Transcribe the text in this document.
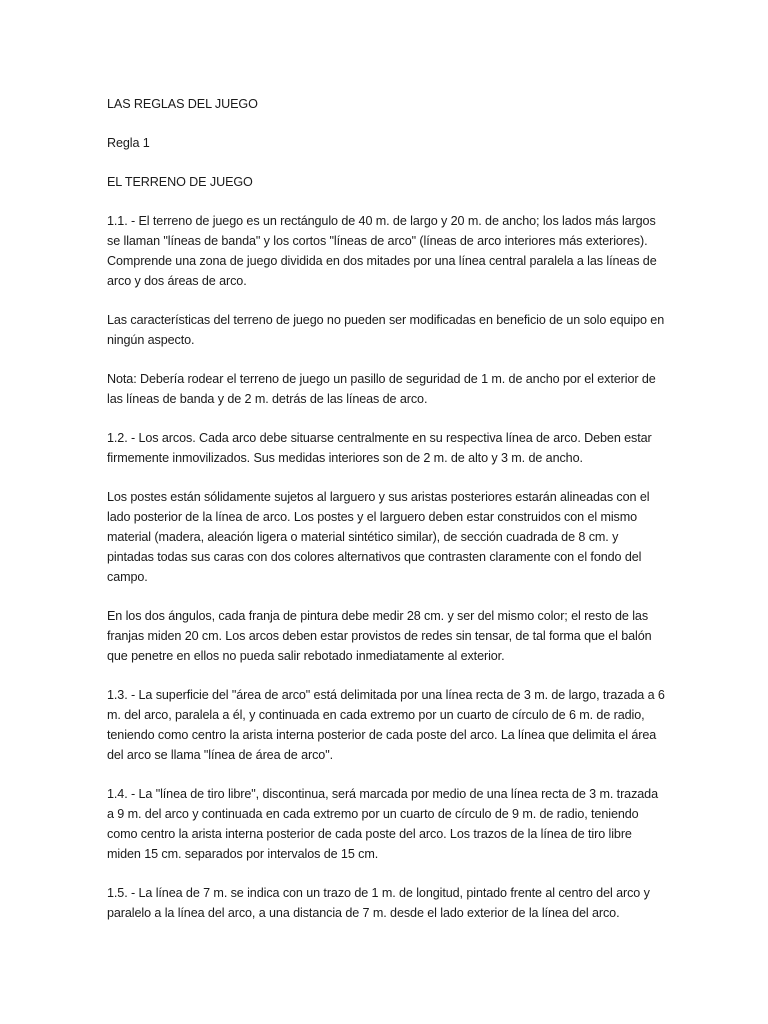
LAS REGLAS DEL JUEGO

Regla 1

EL TERRENO DE JUEGO

1.1. - El terreno de juego es un rectángulo de 40 m. de largo y 20 m. de ancho; los lados más largos se llaman "líneas de banda" y los cortos "líneas de arco" (líneas de arco interiores más exteriores). Comprende una zona de juego dividida en dos mitades por una línea central paralela a las líneas de arco y dos áreas de arco.

Las características del terreno de juego no pueden ser modificadas en beneficio de un solo equipo en ningún aspecto.

Nota: Debería rodear el terreno de juego un pasillo de seguridad de 1 m. de ancho por el exterior de las líneas de banda y de 2 m. detrás de las líneas de arco.

1.2. - Los arcos. Cada arco debe situarse centralmente en su respectiva línea de arco. Deben estar firmemente inmovilizados. Sus medidas interiores son de 2 m. de alto y 3 m. de ancho.

Los postes están sólidamente sujetos al larguero y sus aristas posteriores estarán alineadas con el lado posterior de la línea de arco. Los postes y el larguero deben estar construidos con el mismo material (madera, aleación ligera o material sintético similar), de sección cuadrada de 8 cm. y pintadas todas sus caras con dos colores alternativos que contrasten claramente con el fondo del campo.

En los dos ángulos, cada franja de pintura debe medir 28 cm. y ser del mismo color; el resto de las franjas miden 20 cm. Los arcos deben estar provistos de redes sin tensar, de tal forma que el balón que penetre en ellos no pueda salir rebotado inmediatamente al exterior.

1.3. - La superficie del "área de arco" está delimitada por una línea recta de 3 m. de largo, trazada a 6 m. del arco, paralela a él, y continuada en cada extremo por un cuarto de círculo de 6 m. de radio, teniendo como centro la arista interna posterior de cada poste del arco. La línea que delimita el área del arco se llama "línea de área de arco".

1.4. - La "línea de tiro libre", discontinua, será marcada por medio de una línea recta de 3 m. trazada a 9 m. del arco y continuada en cada extremo por un cuarto de círculo de 9 m. de radio, teniendo como centro la arista interna posterior de cada poste del arco. Los trazos de la línea de tiro libre miden 15 cm. separados por intervalos de 15 cm.

1.5. - La línea de 7 m. se indica con un trazo de 1 m. de longitud, pintado frente al centro del arco y paralelo a la línea del arco, a una distancia de 7 m. desde el lado exterior de la línea del arco.
